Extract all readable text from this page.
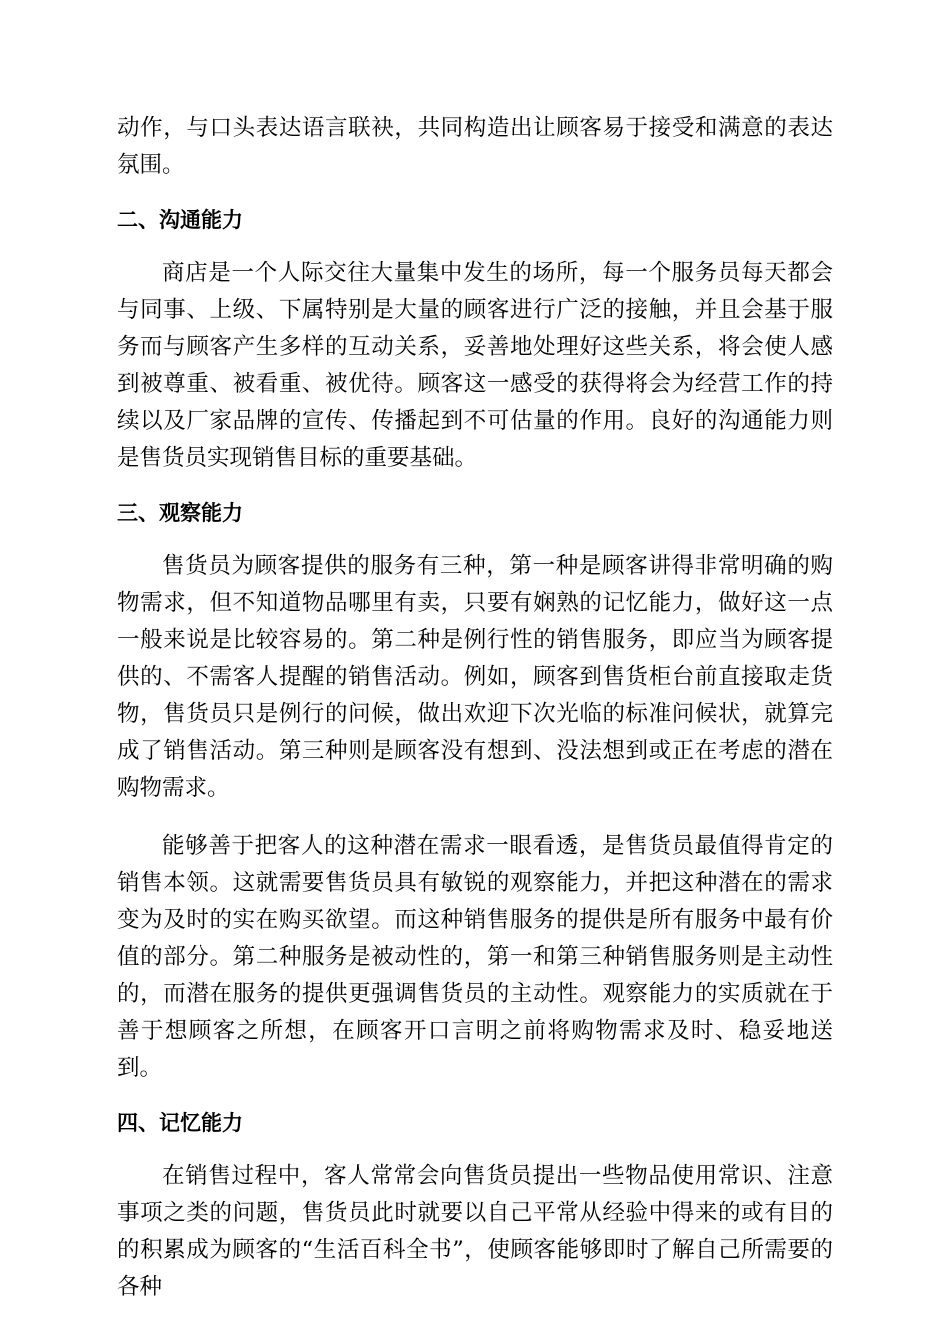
动作，与口头表达语言联袂，共同构造出让顾客易于接受和满意的表达氛围。

二、沟通能力

商店是一个人际交往大量集中发生的场所，每一个服务员每天都会与同事、上级、下属特别是大量的顾客进行广泛的接触，并且会基于服务而与顾客产生多样的互动关系，妥善地处理好这些关系，将会使人感到被尊重、被看重、被优待。顾客这一感受的获得将会为经营工作的持续以及厂家品牌的宣传、传播起到不可估量的作用。良好的沟通能力则是售货员实现销售目标的重要基础。

三、观察能力

售货员为顾客提供的服务有三种，第一种是顾客讲得非常明确的购物需求，但不知道物品哪里有卖，只要有娴熟的记忆能力，做好这一点一般来说是比较容易的。第二种是例行性的销售服务，即应当为顾客提供的、不需客人提醒的销售活动。例如，顾客到售货柜台前直接取走货物，售货员只是例行的问候，做出欢迎下次光临的标准问候状，就算完成了销售活动。第三种则是顾客没有想到、没法想到或正在考虑的潜在购物需求。

能够善于把客人的这种潜在需求一眼看透，是售货员最值得肯定的销售本领。这就需要售货员具有敏锐的观察能力，并把这种潜在的需求变为及时的实在购买欲望。而这种销售服务的提供是所有服务中最有价值的部分。第二种服务是被动性的，第一和第三种销售服务则是主动性的，而潜在服务的提供更强调售货员的主动性。观察能力的实质就在于善于想顾客之所想，在顾客开口言明之前将购物需求及时、稳妥地送到。

四、记忆能力

在销售过程中，客人常常会向售货员提出一些物品使用常识、注意事项之类的问题，售货员此时就要以自己平常从经验中得来的或有目的的积累成为顾客的“生活百科全书”，使顾客能够即时了解自己所需要的各种
